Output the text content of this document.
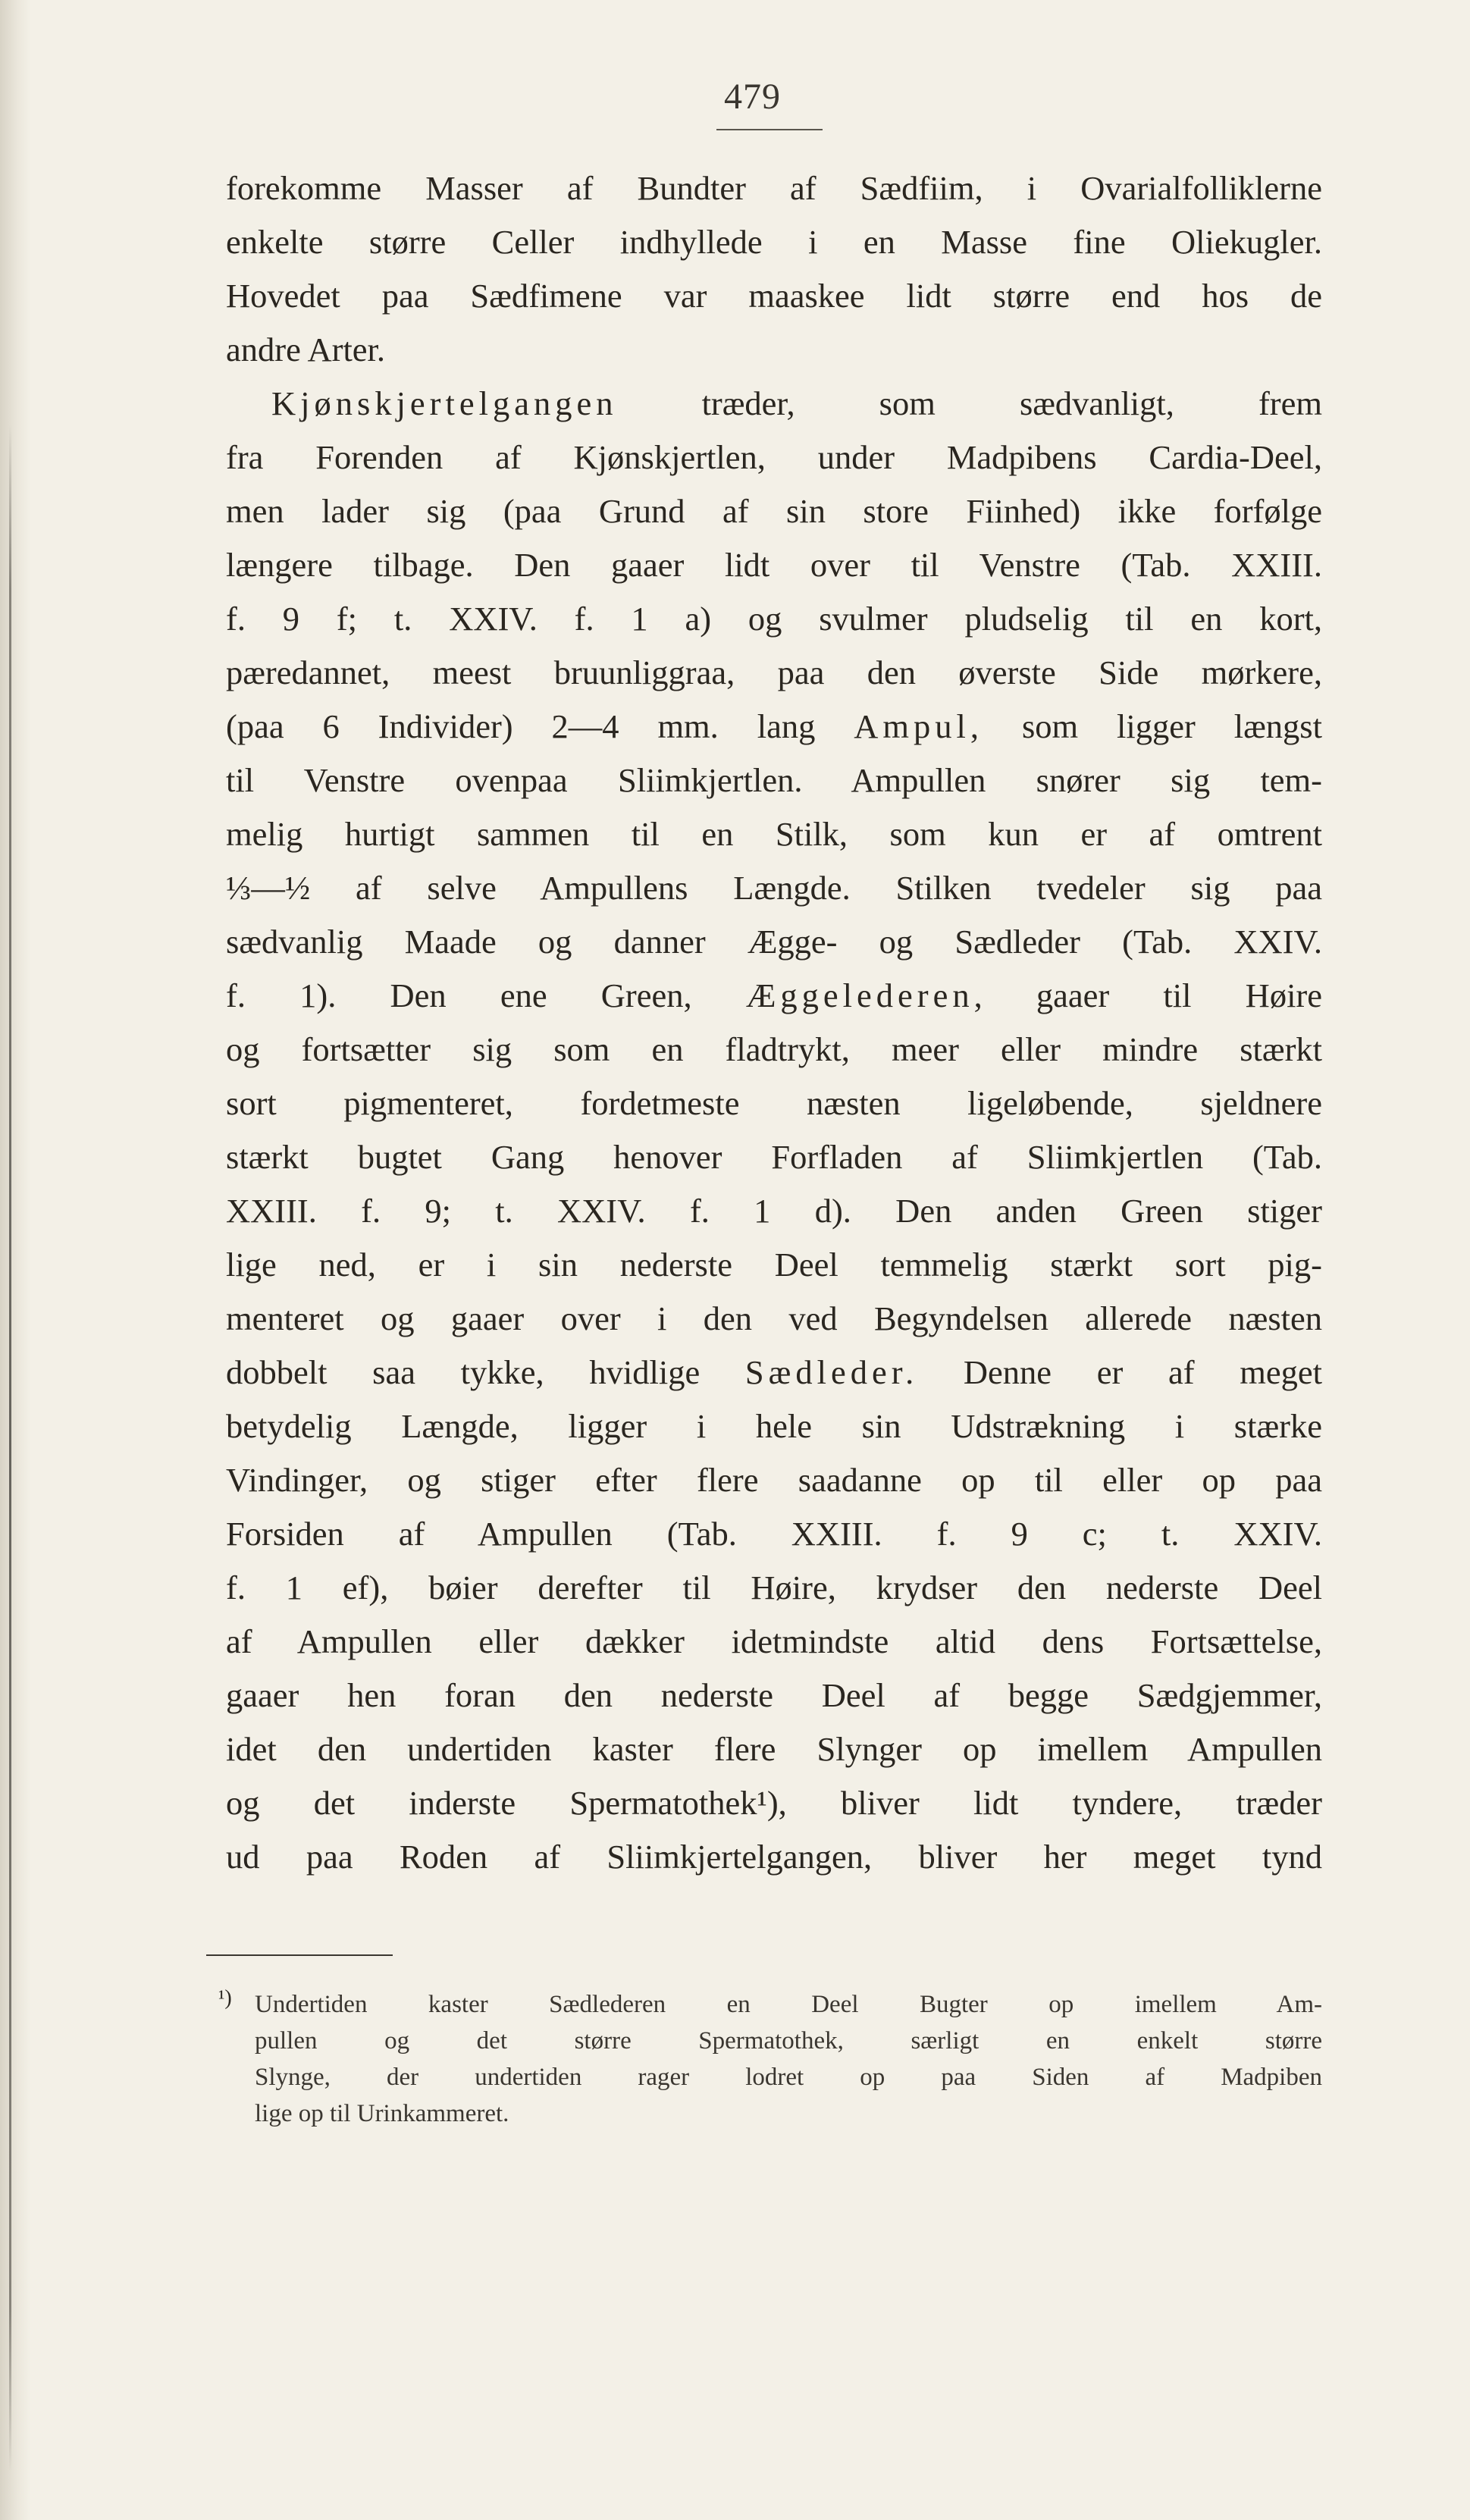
479
forekomme Masser af Bundter af Sædfiim, i Ovarialfolliklerne
enkelte større Celler indhyllede i en Masse fine Oliekugler.
Hovedet paa Sædfimene var maaskee lidt større end hos de
andre Arter.
Kjønskjertelgangen træder, som sædvanligt, frem
fra Forenden af Kjønskjertlen, under Madpibens Cardia-Deel,
men lader sig (paa Grund af sin store Fiinhed) ikke forfølge
længere tilbage. Den gaaer lidt over til Venstre (Tab. XXIII.
f. 9 f; t. XXIV. f. 1 a) og svulmer pludselig til en kort,
pæredannet, meest bruunliggraa, paa den øverste Side mørkere,
(paa 6 Individer) 2—4 mm. lang Ampul, som ligger længst
til Venstre ovenpaa Sliimkjertlen. Ampullen snører sig tem-
melig hurtigt sammen til en Stilk, som kun er af omtrent
⅓—½ af selve Ampullens Længde. Stilken tvedeler sig paa
sædvanlig Maade og danner Ægge- og Sædleder (Tab. XXIV.
f. 1). Den ene Green, Æggelederen, gaaer til Høire
og fortsætter sig som en fladtrykt, meer eller mindre stærkt
sort pigmenteret, fordetmeste næsten ligeløbende, sjeldnere
stærkt bugtet Gang henover Forfladen af Sliimkjertlen (Tab.
XXIII. f. 9; t. XXIV. f. 1 d). Den anden Green stiger
lige ned, er i sin nederste Deel temmelig stærkt sort pig-
menteret og gaaer over i den ved Begyndelsen allerede næsten
dobbelt saa tykke, hvidlige Sædleder. Denne er af meget
betydelig Længde, ligger i hele sin Udstrækning i stærke
Vindinger, og stiger efter flere saadanne op til eller op paa
Forsiden af Ampullen (Tab. XXIII. f. 9 c; t. XXIV.
f. 1 ef), bøier derefter til Høire, krydser den nederste Deel
af Ampullen eller dækker idetmindste altid dens Fortsættelse,
gaaer hen foran den nederste Deel af begge Sædgjemmer,
idet den undertiden kaster flere Slynger op imellem Ampullen
og det inderste Spermatothek¹), bliver lidt tyndere, træder
ud paa Roden af Sliimkjertelgangen, bliver her meget tynd
¹) Undertiden kaster Sædlederen en Deel Bugter op imellem Am-
pullen og det større Spermatothek, særligt en enkelt større
Slynge, der undertiden rager lodret op paa Siden af Madpiben
lige op til Urinkammeret.
